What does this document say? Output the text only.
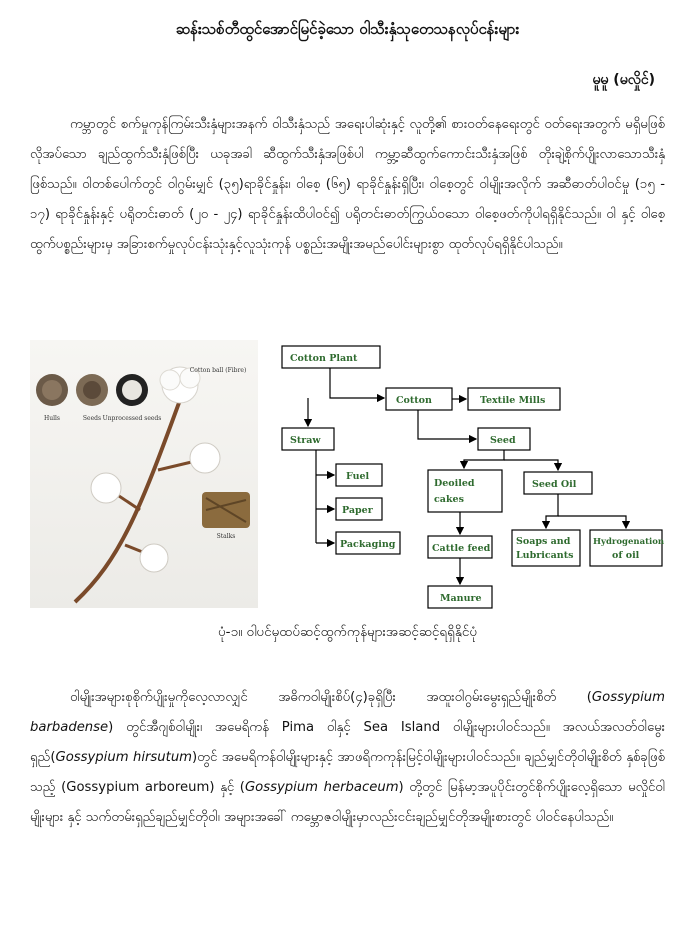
ဆန်းသစ်တီထွင်အောင်မြင်ခဲ့သော ဝါသီးနှံသုတေသနလုပ်ငန်းများ
မူမူ (မလှိုင်)

ကမ္ဘာတွင် စက်မှုကုန်ကြမ်းသီးနှံများအနက် ဝါသီးနှံသည် အရေးပါဆုံးနှင့် လူတို့၏ စားဝတ်နေရေးတွင် ဝတ်ရေးအတွက် မရှိမဖြစ်လိုအပ်သော ချည်ထွက်သီးနှံဖြစ်ပြီး ယခုအခါ ဆီထွက်သီးနှံအဖြစ်ပါ ကမ္ဘာ့ဆီထွက်ကောင်းသီးနှံအဖြစ် တိုးချဲ့စိုက်ပျိုးလာသောသီးနှံဖြစ်သည်။ ဝါတစ်ပေါက်တွင် ဝါဂွမ်းမျှင် (၃၅)ရာခိုင်နှုန်း၊ ဝါစေ့ (၆၅) ရာခိုင်နှုန်းရှိပြီး၊ ဝါစေ့တွင် ဝါမျိုးအလိုက် အဆီဓာတ်ပါဝင်မှု (၁၅ - ၁၇) ရာခိုင်နှုန်းနှင့် ပရိုတင်းဓာတ် (၂၀ - ၂၄) ရာခိုင်နှုန်းထိပါဝင်၍ ပရိုတင်းဓာတ်ကြွယ်ဝသော ဝါစေ့ဖတ်ကိုပါရရှိနိုင်သည်။ ဝါ နှင့် ဝါစေ့ထွက်ပစ္စည်းများမှ အခြားစက်မှုလုပ်ငန်းသုံးနှင့်လူသုံးကုန် ပစ္စည်းအမျိုးအမည်ပေါင်းများစွာ ထုတ်လုပ်ရရှိနိုင်ပါသည်။

Hulls	Seeds Unprocessed seeds
Cotton ball (Fibre)
Stalks
Cotton Plant
Cotton	Textile Mills
Straw	Seed
Fuel
Paper
Packaging
Deoiled
cakes
Seed Oil
Cattle feed
Soaps and
Lubricants
Hydrogenation
of oil
Manure
ပုံ-၁။ ဝါပင်မှထပ်ဆင့်ထွက်ကုန်များအဆင့်ဆင့်ရရှိနိုင်ပုံ

ဝါမျိုးအများစုစိုက်ပျိုးမှုကိုလေ့လာလျှင် အဓိကဝါမျိုးစိပ်(၄)ခုရှိပြီး အထူးဝါဂွမ်းမွေးရှည်မျိုးစိတ် (Gossypium barbadense) တွင်အီဂျစ်ဝါမျိုး၊ အမေရိကန် Pima ဝါနှင့် Sea Island ဝါမျိုးများပါဝင်သည်။ အလယ်အလတ်ဝါမွေးရှည်(Gossypium hirsutum)တွင် အမေရိကန်ဝါမျိုးများနှင့် အာဖရိကကုန်းမြင့်ဝါမျိုးများပါဝင်သည်။ ချည်မျှင်တိုဝါမျိုးစိတ် နှစ်ခုဖြစ်သည့် (Gossypium arboreum) နှင့် (Gossypium herbaceum) တို့တွင် မြန်မာ့အပူပိုင်းတွင်စိုက်ပျိုးလေ့ရှိသော မလှိုင်ဝါမျိုးများ နှင့် သက်တမ်းရှည်ချည်မျှင်တိုဝါ၊ အများအခေါ် ကမ္ဘောဇဝါမျိုးမှာလည်းငင်းချည်မျှင်တိုအမျိုးစားတွင် ပါဝင်နေပါသည်။
